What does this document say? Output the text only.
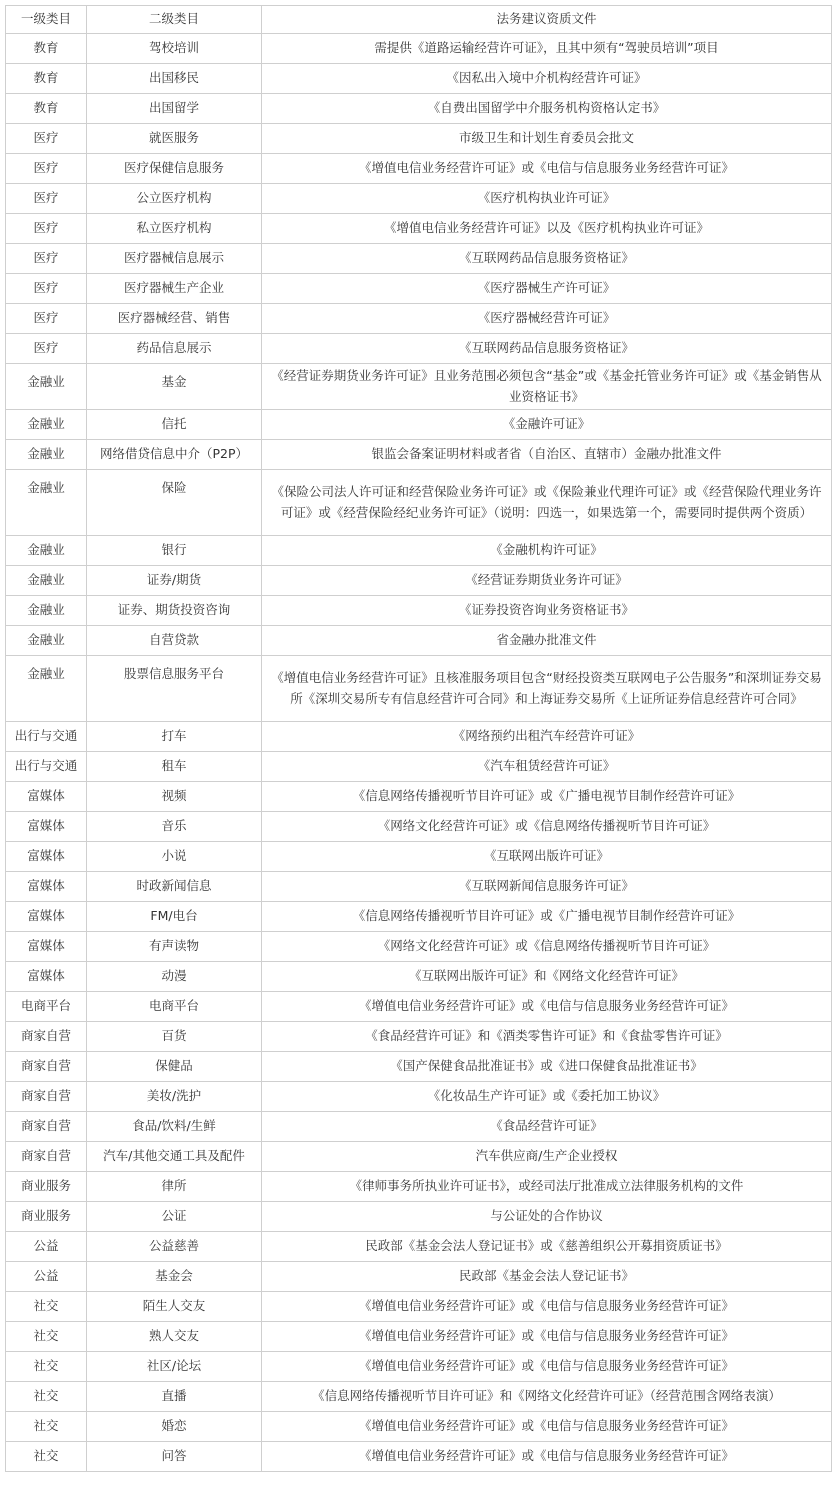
一级类目	二级类目	法务建议资质文件
教育	驾校培训	需提供《道路运输经营许可证》，且其中须有“驾驶员培训”项目
教育	出国移民	《因私出入境中介机构经营许可证》
教育	出国留学	《自费出国留学中介服务机构资格认定书》
医疗	就医服务	市级卫生和计划生育委员会批文
医疗	医疗保健信息服务	《增值电信业务经营许可证》或《电信与信息服务业务经营许可证》
医疗	公立医疗机构	《医疗机构执业许可证》
医疗	私立医疗机构	《增值电信业务经营许可证》以及《医疗机构执业许可证》
医疗	医疗器械信息展示	《互联网药品信息服务资格证》
医疗	医疗器械生产企业	《医疗器械生产许可证》
医疗	医疗器械经营、销售	《医疗器械经营许可证》
医疗	药品信息展示	《互联网药品信息服务资格证》
金融业	基金	《经营证券期货业务许可证》且业务范围必须包含“基金”或《基金托管业务许可证》或《基金销售从业资格证书》
金融业	信托	《金融许可证》
金融业	网络借贷信息中介（P2P）	银监会备案证明材料或者省（自治区、直辖市）金融办批准文件
金融业	保险	《保险公司法人许可证和经营保险业务许可证》或《保险兼业代理许可证》或《经营保险代理业务许可证》或《经营保险经纪业务许可证》（说明：四选一，如果选第一个，需要同时提供两个资质）
金融业	银行	《金融机构许可证》
金融业	证券/期货	《经营证券期货业务许可证》
金融业	证券、期货投资咨询	《证券投资咨询业务资格证书》
金融业	自营贷款	省金融办批准文件
金融业	股票信息服务平台	《增值电信业务经营许可证》且核准服务项目包含“财经投资类互联网电子公告服务”和深圳证券交易所《深圳交易所专有信息经营许可合同》和上海证券交易所《上证所证券信息经营许可合同》
出行与交通	打车	《网络预约出租汽车经营许可证》
出行与交通	租车	《汽车租赁经营许可证》
富媒体	视频	《信息网络传播视听节目许可证》或《广播电视节目制作经营许可证》
富媒体	音乐	《网络文化经营许可证》或《信息网络传播视听节目许可证》
富媒体	小说	《互联网出版许可证》
富媒体	时政新闻信息	《互联网新闻信息服务许可证》
富媒体	FM/电台	《信息网络传播视听节目许可证》或《广播电视节目制作经营许可证》
富媒体	有声读物	《网络文化经营许可证》或《信息网络传播视听节目许可证》
富媒体	动漫	《互联网出版许可证》和《网络文化经营许可证》
电商平台	电商平台	《增值电信业务经营许可证》或《电信与信息服务业务经营许可证》
商家自营	百货	《食品经营许可证》和《酒类零售许可证》和《食盐零售许可证》
商家自营	保健品	《国产保健食品批准证书》或《进口保健食品批准证书》
商家自营	美妆/洗护	《化妆品生产许可证》或《委托加工协议》
商家自营	食品/饮料/生鲜	《食品经营许可证》
商家自营	汽车/其他交通工具及配件	汽车供应商/生产企业授权
商业服务	律所	《律师事务所执业许可证书》，或经司法厅批准成立法律服务机构的文件
商业服务	公证	与公证处的合作协议
公益	公益慈善	民政部《基金会法人登记证书》或《慈善组织公开募捐资质证书》
公益	基金会	民政部《基金会法人登记证书》
社交	陌生人交友	《增值电信业务经营许可证》或《电信与信息服务业务经营许可证》
社交	熟人交友	《增值电信业务经营许可证》或《电信与信息服务业务经营许可证》
社交	社区/论坛	《增值电信业务经营许可证》或《电信与信息服务业务经营许可证》
社交	直播	《信息网络传播视听节目许可证》和《网络文化经营许可证》（经营范围含网络表演）
社交	婚恋	《增值电信业务经营许可证》或《电信与信息服务业务经营许可证》
社交	问答	《增值电信业务经营许可证》或《电信与信息服务业务经营许可证》
